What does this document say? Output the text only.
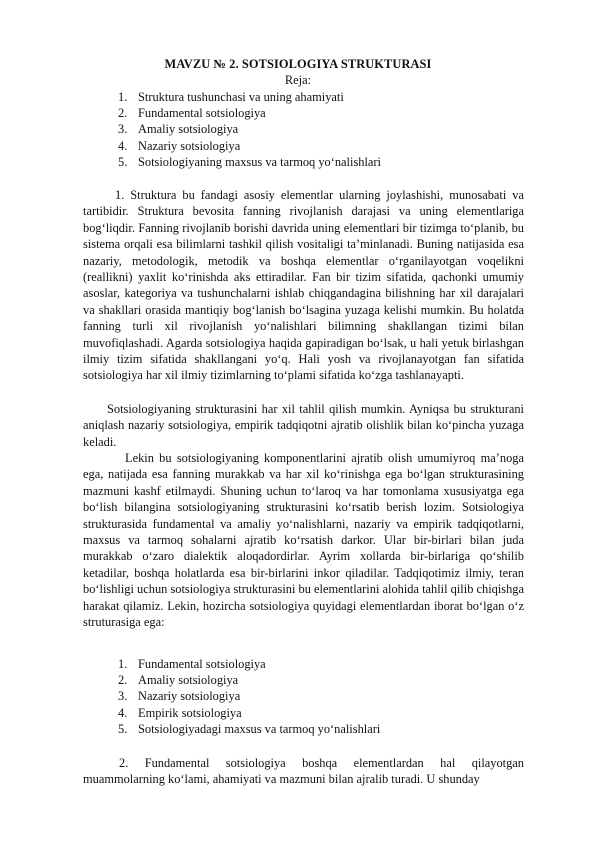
MAVZU № 2. SOTSIOLOGIYA STRUKTURASI
Reja:
1. Struktura tushunchasi va uning ahamiyati
2. Fundamental sotsiologiya
3. Amaliy sotsiologiya
4. Nazariy sotsiologiya
5. Sotsiologiyaning maxsus va tarmoq yo‘nalishlari

1. Struktura bu fandagi asosiy elementlar ularning joylashishi, munosabati va tartibidir. Struktura bevosita fanning rivojlanish darajasi va uning elementlariga bog‘liqdir. Fanning rivojlanib borishi davrida uning elementlari bir tizimga to‘planib, bu sistema orqali esa bilimlarni tashkil qilish vositaligi ta’minlanadi. Buning natijasida esa nazariy, metodologik, metodik va boshqa elementlar o‘rganilayotgan voqelikni (reallikni) yaxlit ko‘rinishda aks ettiradilar. Fan bir tizim sifatida, qachonki umumiy asoslar, kategoriya va tushunchalarni ishlab chiqgandagina bilishning har xil darajalari va shakllari orasida mantiqiy bog‘lanish bo‘lsagina yuzaga kelishi mumkin. Bu holatda fanning turli xil rivojlanish yo‘nalishlari bilimning shakllangan tizimi bilan muvofiqlashadi. Agarda sotsiologiya haqida gapiradigan bo‘lsak, u hali yetuk birlashgan ilmiy tizim sifatida shakllangani yo‘q. Hali yosh va rivojlanayotgan fan sifatida sotsiologiya har xil ilmiy tizimlarning to‘plami sifatida ko‘zga tashlanayapti.

Sotsiologiyaning strukturasini har xil tahlil qilish mumkin. Ayniqsa bu strukturani aniqlash nazariy sotsiologiya, empirik tadqiqotni ajratib olishlik bilan ko‘pincha yuzaga keladi.

Lekin bu sotsiologiyaning komponentlarini ajratib olish umumiyroq ma’noga ega, natijada esa fanning murakkab va har xil ko‘rinishga ega bo‘lgan strukturasining mazmuni kashf etilmaydi. Shuning uchun to‘laroq va har tomonlama xususiyatga ega bo‘lish bilangina sotsiologiyaning strukturasini ko‘rsatib berish lozim. Sotsiologiya strukturasida fundamental va amaliy yo‘nalishlarni, nazariy va empirik tadqiqotlarni, maxsus va tarmoq sohalarni ajratib ko‘rsatish darkor. Ular bir-birlari bilan juda murakkab o‘zaro dialektik aloqadordirlar. Ayrim xollarda bir-birlariga qo‘shilib ketadilar, boshqa holatlarda esa bir-birlarini inkor qiladilar. Tadqiqotimiz ilmiy, teran bo‘lishligi uchun sotsiologiya strukturasini bu elementlarini alohida tahlil qilib chiqishga harakat qilamiz. Lekin, hozircha sotsiologiya quyidagi elementlardan iborat bo‘lgan o‘z struturasiga ega:

1. Fundamental sotsiologiya
2. Amaliy sotsiologiya
3. Nazariy sotsiologiya
4. Empirik sotsiologiya
5. Sotsiologiyadagi maxsus va tarmoq yo‘nalishlari

2. Fundamental sotsiologiya boshqa elementlardan hal qilayotgan muammolarning ko‘lami, ahamiyati va mazmuni bilan ajralib turadi. U shunday
